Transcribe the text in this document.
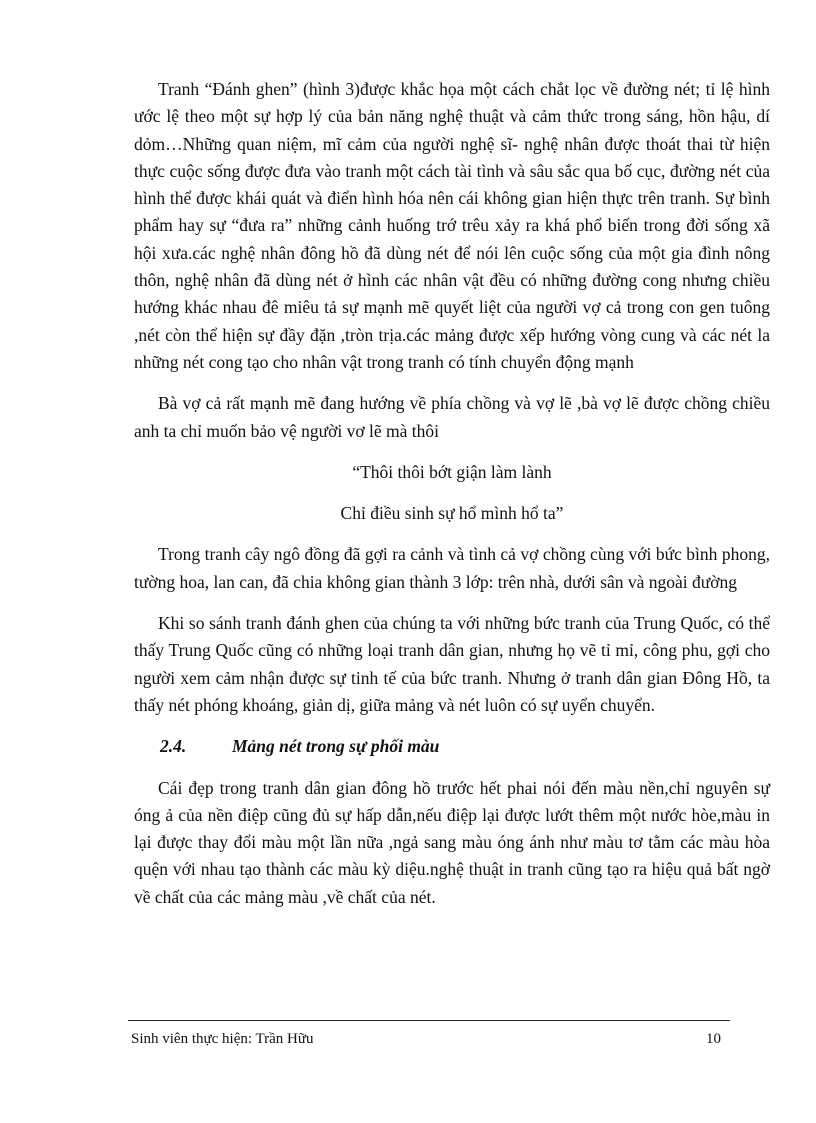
Tranh “Đánh ghen” (hình 3)được khắc họa một cách chắt lọc về đường nét; tỉ lệ hình ước lệ theo một sự hợp lý của bản năng nghệ thuật và cảm thức trong sáng, hồn hậu, dí dỏm…Những quan niệm, mĩ cảm của người nghệ sĩ- nghệ nhân được thoát thai từ hiện thực cuộc sống được đưa vào tranh một cách tài tình và sâu sắc qua bố cục, đường nét của hình thể được khái quát và điển hình hóa nên cái không gian hiện thực trên tranh. Sự bình phẩm hay sự “đưa ra” những cảnh huống trớ trêu xảy ra khá phổ biến trong đời sống xã hội xưa.các nghệ nhân đông hồ đã dùng nét để nói lên cuộc sống của một gia đình nông thôn, nghệ nhân đã dùng nét ở hình các nhân vật đều có những đường cong nhưng chiều hướng khác nhau đê miêu tả sự mạnh mẽ quyết liệt của người vợ cả trong con gen tuông ,nét còn thể hiện sự đầy đặn ,tròn trịa.các mảng được xếp hướng vòng cung và các nét la những nét cong tạo cho nhân vật trong tranh có tính chuyển động mạnh

Bà vợ cả rất mạnh mẽ đang hướng về phía chồng và vợ lẽ ,bà vợ lẽ được chồng chiều anh ta chỉ muốn bảo vệ người vơ lẽ mà thôi

“Thôi thôi bớt giận làm lành

Chỉ điều sinh sự hổ mình hổ ta”

Trong tranh cây ngô đồng đã gợi ra cảnh và tình cả vợ chồng cùng với bức bình phong, tường hoa, lan can, đã chia không gian thành 3 lớp: trên nhà, dưới sân và ngoài đường

Khi so sánh tranh đánh ghen của chúng ta với những bức tranh của Trung Quốc, có thể thấy Trung Quốc cũng có những loại tranh dân gian, nhưng họ vẽ tỉ mỉ, công phu, gợi cho người xem cảm nhận được sự tinh tế của bức tranh. Nhưng ở tranh dân gian Đông Hồ, ta thấy nét phóng khoáng, giản dị, giữa mảng và nét luôn có sự uyển chuyển.

2.4.	Mảng nét trong sự phối màu

Cái đẹp trong tranh dân gian đông hồ trước hết phai nói đến màu nền,chỉ nguyên sự óng ả của nền điệp cũng đủ sự hấp dẫn,nếu điệp lại được lướt thêm một nước hòe,màu in lại được thay đổi màu một lần nữa ,ngả sang màu óng ánh như màu tơ tằm các màu hòa quện với nhau tạo thành các màu kỳ diệu.nghệ thuật in tranh cũng tạo ra hiệu quả bất ngờ về chất của các mảng màu ,về chất của nét.

Sinh viên thực hiện: Trần Hữu	10
